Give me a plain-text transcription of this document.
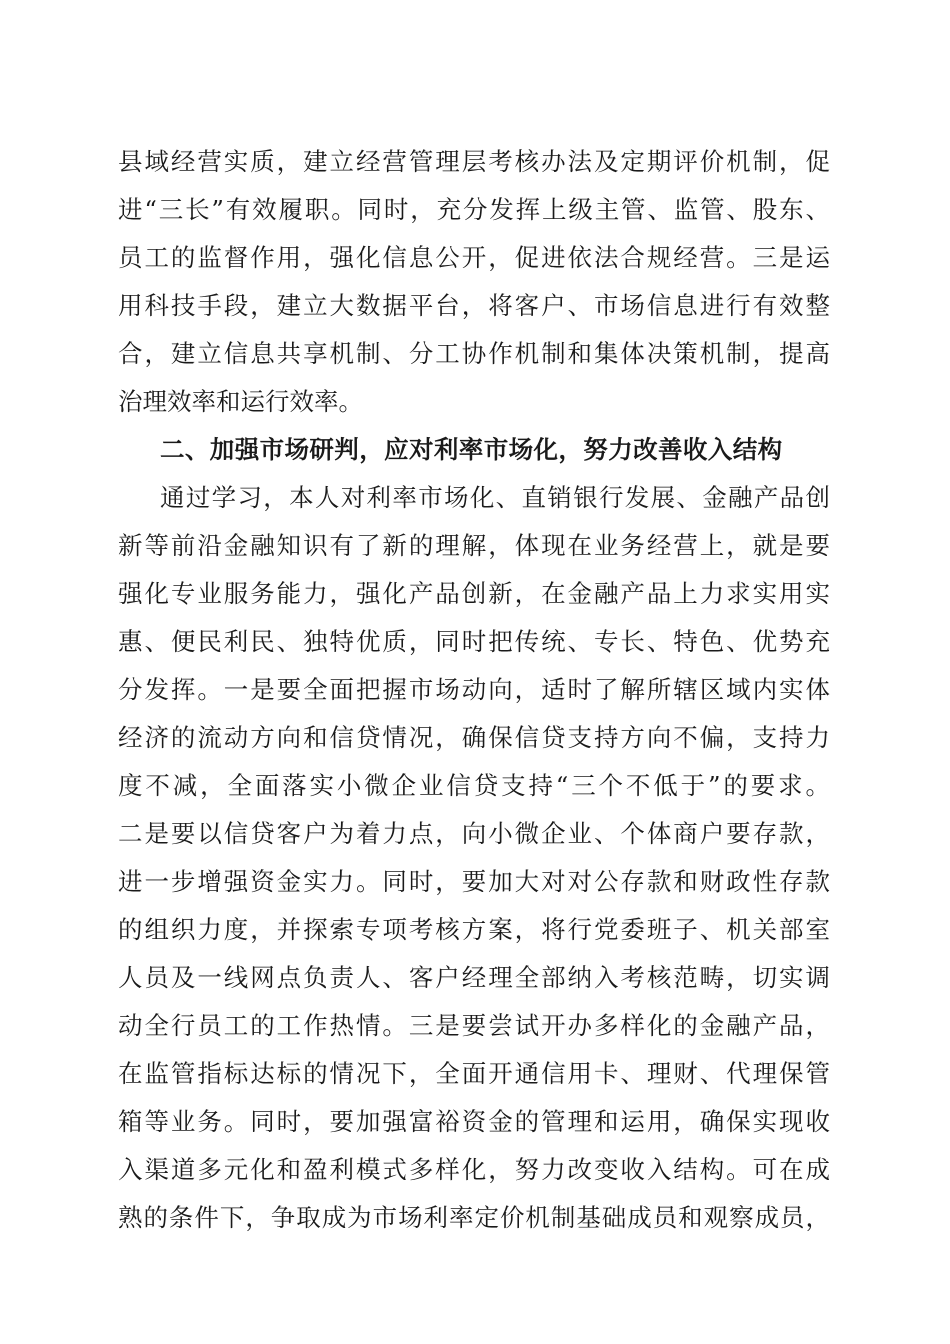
县域经营实质，建立经营管理层考核办法及定期评价机制，促
进“三长”有效履职。同时，充分发挥上级主管、监管、股东、
员工的监督作用，强化信息公开，促进依法合规经营。三是运
用科技手段，建立大数据平台，将客户、市场信息进行有效整
合，建立信息共享机制、分工协作机制和集体决策机制，提高
治理效率和运行效率。
二、加强市场研判，应对利率市场化，努力改善收入结构
通过学习，本人对利率市场化、直销银行发展、金融产品创
新等前沿金融知识有了新的理解，体现在业务经营上，就是要
强化专业服务能力，强化产品创新，在金融产品上力求实用实
惠、便民利民、独特优质，同时把传统、专长、特色、优势充
分发挥。一是要全面把握市场动向，适时了解所辖区域内实体
经济的流动方向和信贷情况，确保信贷支持方向不偏，支持力
度不减，全面落实小微企业信贷支持“三个不低于”的要求。
二是要以信贷客户为着力点，向小微企业、个体商户要存款，
进一步增强资金实力。同时，要加大对对公存款和财政性存款
的组织力度，并探索专项考核方案，将行党委班子、机关部室
人员及一线网点负责人、客户经理全部纳入考核范畴，切实调
动全行员工的工作热情。三是要尝试开办多样化的金融产品，
在监管指标达标的情况下，全面开通信用卡、理财、代理保管
箱等业务。同时，要加强富裕资金的管理和运用，确保实现收
入渠道多元化和盈利模式多样化，努力改变收入结构。可在成
熟的条件下，争取成为市场利率定价机制基础成员和观察成员，
